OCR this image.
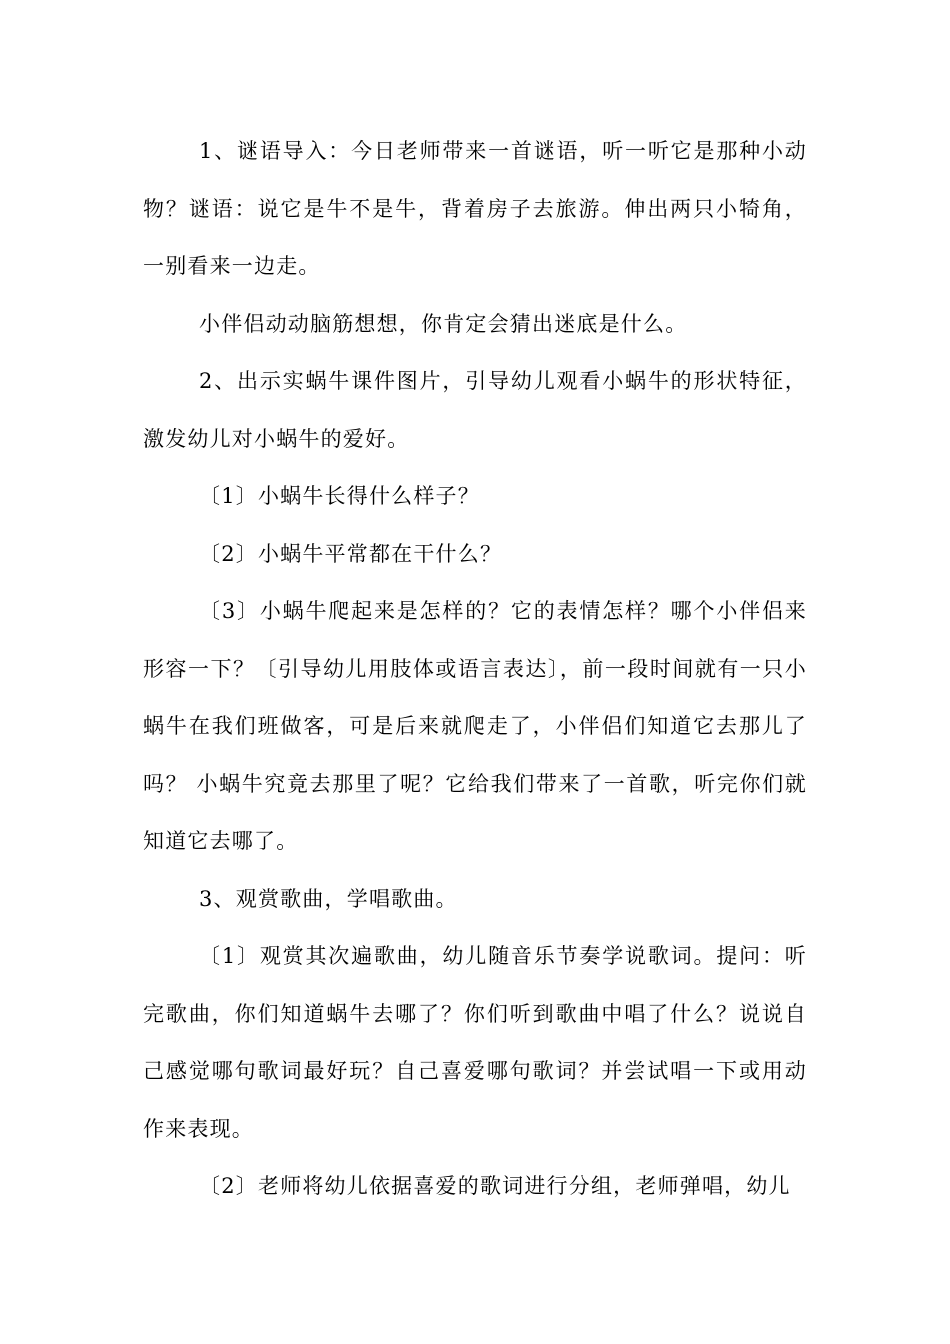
1、谜语导入：今日老师带来一首谜语，听一听它是那种小动物？谜语：说它是牛不是牛，背着房子去旅游。伸出两只小犄角，一别看来一边走。

小伴侣动动脑筋想想，你肯定会猜出迷底是什么。

2、出示实蜗牛课件图片，引导幼儿观看小蜗牛的形状特征，激发幼儿对小蜗牛的爱好。

〔1〕小蜗牛长得什么样子？

〔2〕小蜗牛平常都在干什么？

〔3〕小蜗牛爬起来是怎样的？它的表情怎样？哪个小伴侣来形容一下？〔引导幼儿用肢体或语言表达〕，前一段时间就有一只小蜗牛在我们班做客，可是后来就爬走了，小伴侣们知道它去那儿了吗？ 小蜗牛究竟去那里了呢？它给我们带来了一首歌，听完你们就知道它去哪了。

3、观赏歌曲，学唱歌曲。

〔1〕观赏其次遍歌曲，幼儿随音乐节奏学说歌词。提问：听完歌曲，你们知道蜗牛去哪了？你们听到歌曲中唱了什么？说说自己感觉哪句歌词最好玩？自己喜爱哪句歌词？并尝试唱一下或用动作来表现。

〔2〕老师将幼儿依据喜爱的歌词进行分组，老师弹唱，幼儿
